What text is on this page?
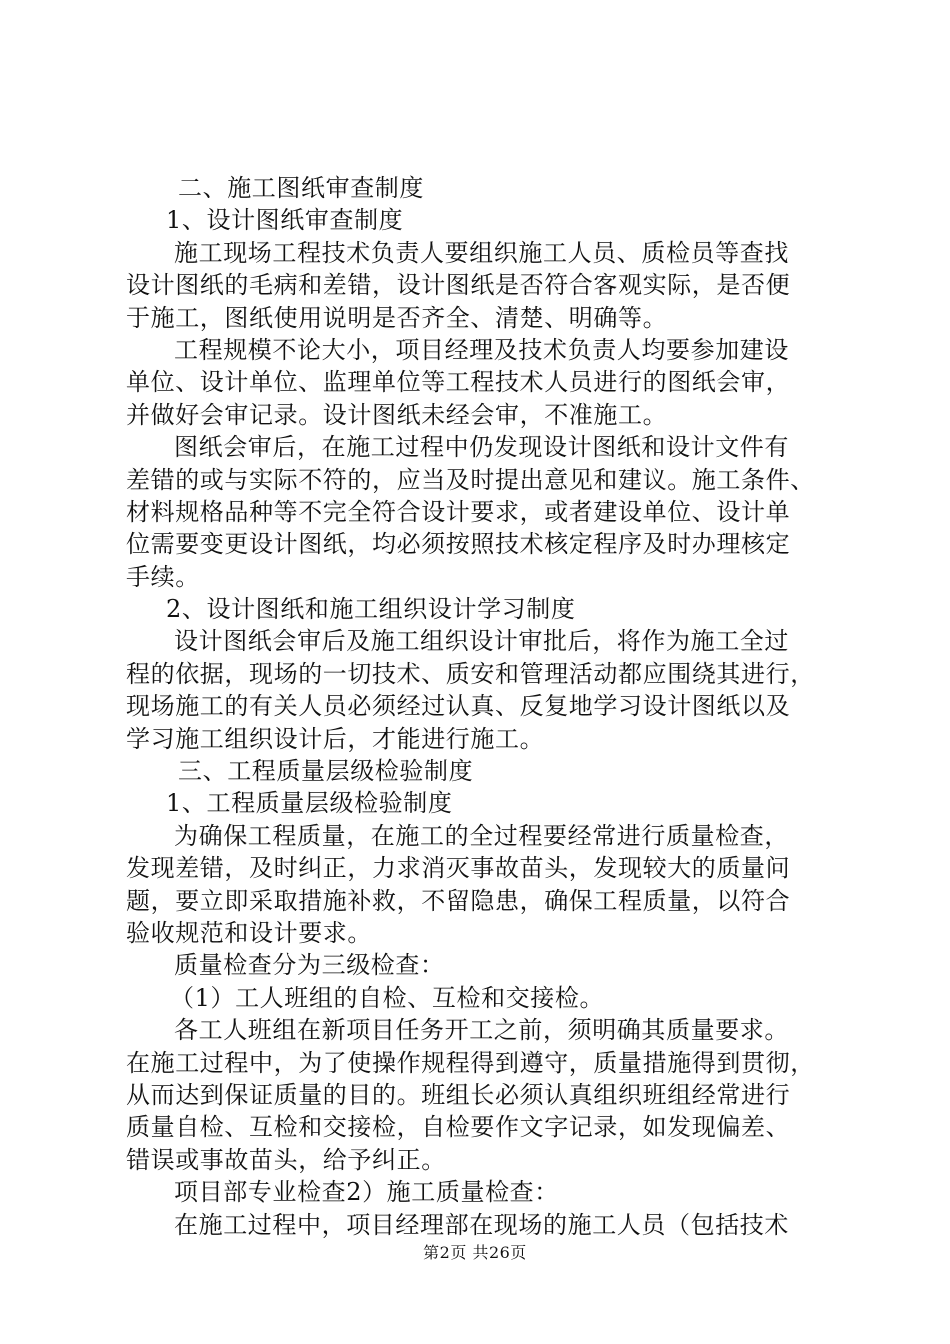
二、施工图纸审查制度
1、设计图纸审查制度
施工现场工程技术负责人要组织施工人员、质检员等查找
设计图纸的毛病和差错，设计图纸是否符合客观实际，是否便
于施工，图纸使用说明是否齐全、清楚、明确等。
工程规模不论大小，项目经理及技术负责人均要参加建设
单位、设计单位、监理单位等工程技术人员进行的图纸会审，
并做好会审记录。设计图纸未经会审，不准施工。
图纸会审后，在施工过程中仍发现设计图纸和设计文件有
差错的或与实际不符的，应当及时提出意见和建议。施工条件、
材料规格品种等不完全符合设计要求，或者建设单位、设计单
位需要变更设计图纸，均必须按照技术核定程序及时办理核定
手续。
2、设计图纸和施工组织设计学习制度
设计图纸会审后及施工组织设计审批后，将作为施工全过
程的依据，现场的一切技术、质安和管理活动都应围绕其进行，
现场施工的有关人员必须经过认真、反复地学习设计图纸以及
学习施工组织设计后，才能进行施工。
三、工程质量层级检验制度
1、工程质量层级检验制度
为确保工程质量，在施工的全过程要经常进行质量检查，
发现差错，及时纠正，力求消灭事故苗头，发现较大的质量问
题，要立即采取措施补救，不留隐患，确保工程质量，以符合
验收规范和设计要求。
质量检查分为三级检查：
（1）工人班组的自检、互检和交接检。
各工人班组在新项目任务开工之前，须明确其质量要求。
在施工过程中，为了使操作规程得到遵守，质量措施得到贯彻，
从而达到保证质量的目的。班组长必须认真组织班组经常进行
质量自检、互检和交接检，自检要作文字记录，如发现偏差、
错误或事故苗头，给予纠正。
项目部专业检查2）施工质量检查：
在施工过程中，项目经理部在现场的施工人员（包括技术
第2页 共26页
